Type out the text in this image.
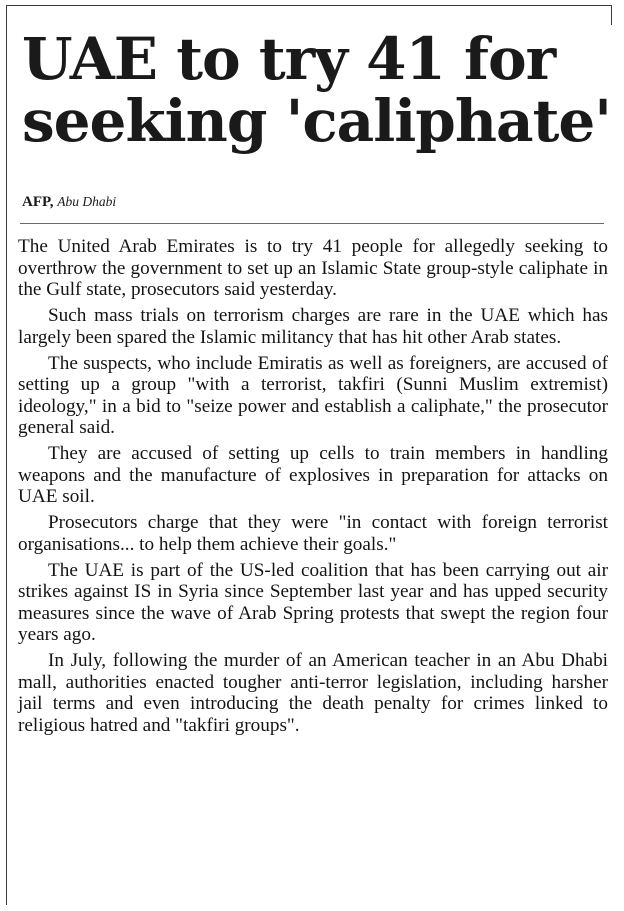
UAE to try 41 for
seeking 'caliphate'
AFP, Abu Dhabi

The United Arab Emirates is to try 41 people for allegedly seeking to overthrow the government to set up an Islamic State group-style caliphate in the Gulf state, prosecutors said yesterday.

Such mass trials on terrorism charges are rare in the UAE which has largely been spared the Islamic militancy that has hit other Arab states.

The suspects, who include Emiratis as well as foreigners, are accused of setting up a group "with a terrorist, takfiri (Sunni Muslim extremist) ideology," in a bid to "seize power and establish a caliphate," the prosecutor general said.

They are accused of setting up cells to train members in handling weapons and the manufacture of explosives in preparation for attacks on UAE soil.

Prosecutors charge that they were "in contact with foreign terrorist organisations... to help them achieve their goals."

The UAE is part of the US-led coalition that has been carrying out air strikes against IS in Syria since September last year and has upped security measures since the wave of Arab Spring protests that swept the region four years ago.

In July, following the murder of an American teacher in an Abu Dhabi mall, authorities enacted tougher anti-terror legislation, including harsher jail terms and even introducing the death penalty for crimes linked to religious hatred and "takfiri groups".
